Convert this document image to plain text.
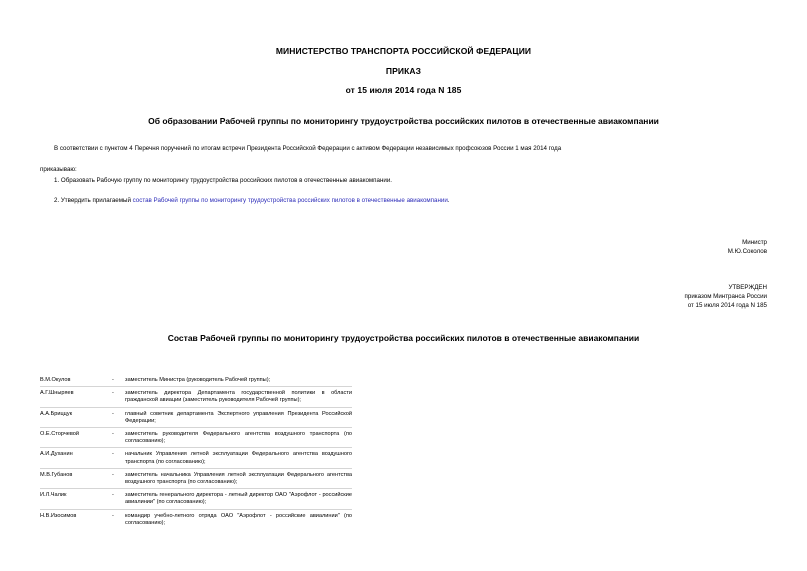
МИНИСТЕРСТВО ТРАНСПОРТА РОССИЙСКОЙ ФЕДЕРАЦИИ
ПРИКАЗ
от 15 июля 2014 года N 185
Об образовании Рабочей группы по мониторингу трудоустройства российских пилотов в отечественные авиакомпании
В соответствии с пунктом 4 Перечня поручений по итогам встречи Президента Российской Федерации с активом Федерации независимых профсоюзов России 1 мая 2014 года
приказываю:
1. Образовать Рабочую группу по мониторингу трудоустройства российских пилотов в отечественные авиакомпании.
2. Утвердить прилагаемый состав Рабочей группы по мониторингу трудоустройства российских пилотов в отечественные авиакомпании.
Министр
М.Ю.Соколов
УТВЕРЖДЕН
приказом Минтранса России
от 15 июля 2014 года N 185
Состав Рабочей группы по мониторингу трудоустройства российских пилотов в отечественные авиакомпании
В.М.Окулов	-	заместитель Министра (руководитель Рабочей группы);
А.Г.Шныряев	-	заместитель директора Департамента государственной политики в области гражданской авиации (заместитель руководителя Рабочей группы);
А.А.Бриццук	-	главный советник департамента Экспертного управления Президента Российской Федерации;
О.Е.Сторчевой	-	заместитель руководителя Федерального агентства воздушного транспорта (по согласованию);
А.И.Духанин	-	начальник Управления летной эксплуатации Федерального агентства воздушного транспорта (по согласованию);
М.В.Губанов	-	заместитель начальника Управления летной эксплуатации Федерального агентства воздушного транспорта (по согласованию);
И.Л.Чалик	-	заместитель генерального директора - летный директор ОАО "Аэрофлот - российские авиалинии" (по согласованию);
Н.В.Изосимов	-	командир учебно-летного отряда ОАО "Аэрофлот - российские авиалинии" (по согласованию);
